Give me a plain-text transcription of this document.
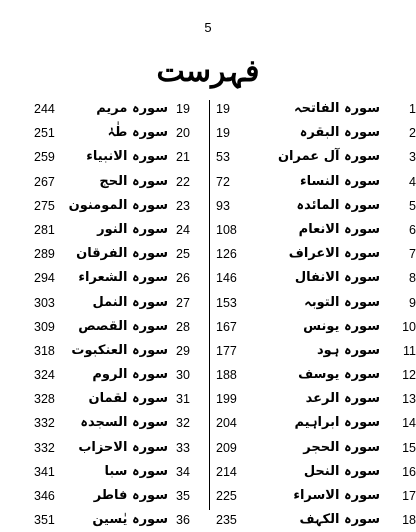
5
فہرست
1
سورہ الفاتحہ
19
2
سورہ البقرہ
19
3
سورہ آل عمران
53
4
سورہ النساء
72
5
سورہ المائدہ
93
6
سورہ الانعام
108
7
سورہ الاعراف
126
8
سورہ الانفال
146
9
سورہ التوبہ
153
10
سورہ یونس
167
11
سورہ ہود
177
12
سورہ یوسف
188
13
سورہ الرعد
199
14
سورہ ابراہیم
204
15
سورہ الحجر
209
16
سورہ النحل
214
17
سورہ الاسراء
225
18
سورہ الکہف
235
19
سورہ مریم
244
20
سورہ طٰہٰ
251
21
سورہ الانبیاء
259
22
سورہ الحج
267
23
سورہ المومنون
275
24
سورہ النور
281
25
سورہ الفرقان
289
26
سورہ الشعراء
294
27
سورہ النمل
303
28
سورہ القصص
309
29
سورہ العنکبوت
318
30
سورہ الروم
324
31
سورہ لقمان
328
32
سورہ السجدہ
332
33
سورہ الاحزاب
332
34
سورہ سبا
341
35
سورہ فاطر
346
36
سورہ یٰسین
351
